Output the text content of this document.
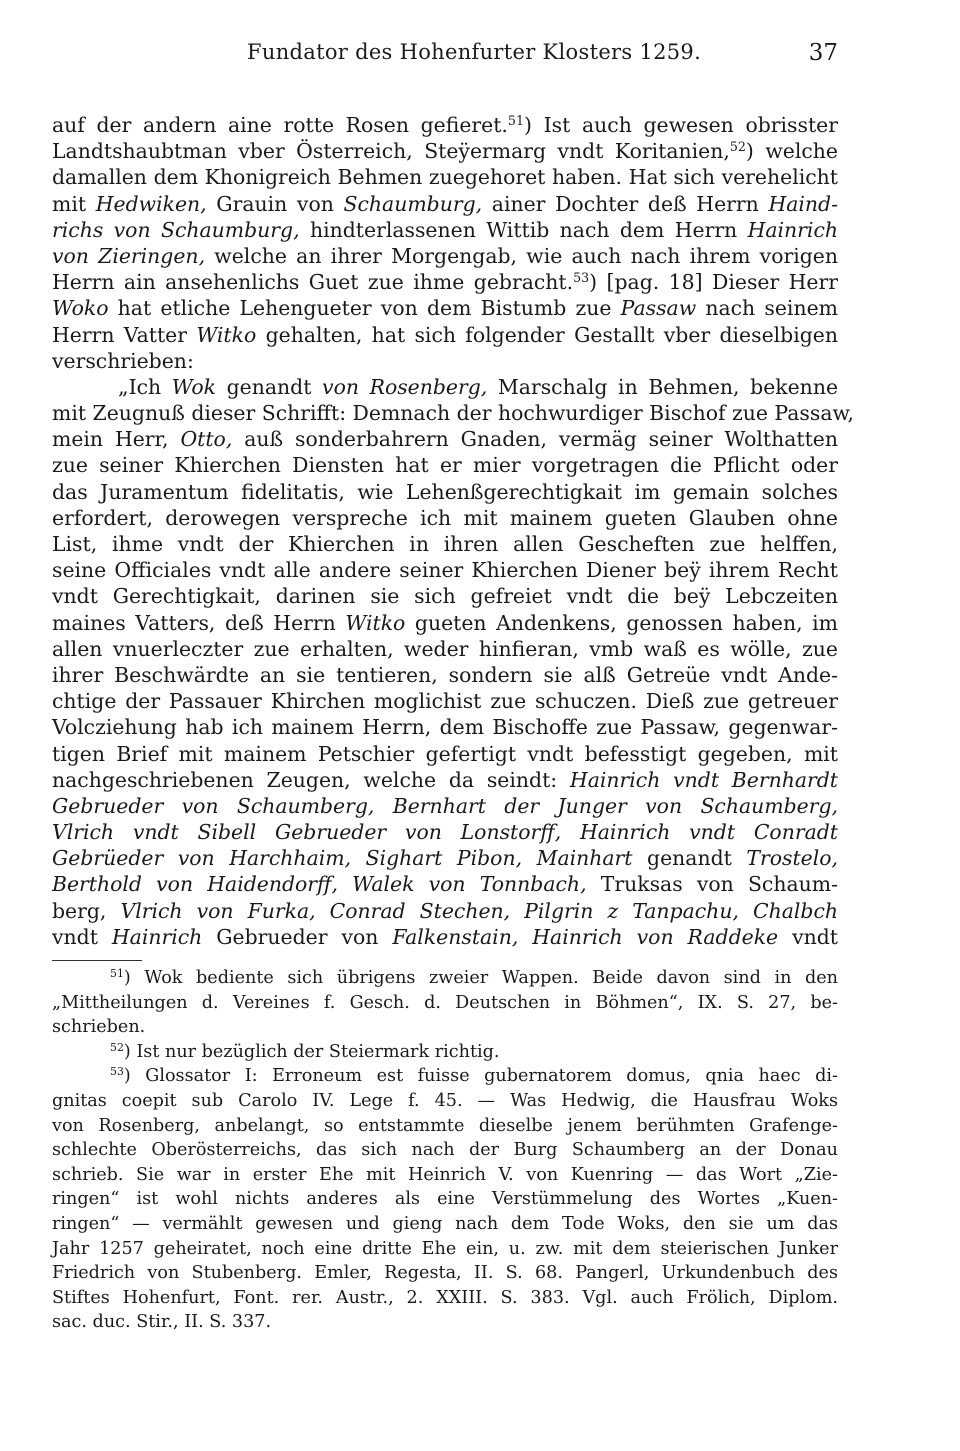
Fundator des Hohenfurter Klosters 1259.	37
auf der andern aine rotte Rosen gefieret.$^{51}$) Ist auch gewesen obrisster
Landtshaubtman vber Österreich, Steÿermarg vndt Koritanien,$^{52}$) welche
damallen dem Khonigreich Behmen zuegehoret haben. Hat sich verehelicht
mit Hedwiken, Grauin von Schaumburg, ainer Dochter deß Herrn Haind-
richs von Schaumburg, hindterlassenen Wittib nach dem Herrn Hainrich
von Zieringen, welche an ihrer Morgengab, wie auch nach ihrem vorigen
Herrn ain ansehenlichs Guet zue ihme gebracht.$^{53}$) [pag. 18] Dieser Herr
Woko hat etliche Lehengueter von dem Bistumb zue Passaw nach seinem
Herrn Vatter Witko gehalten, hat sich folgender Gestallt vber dieselbigen
verschrieben:
„Ich Wok genandt von Rosenberg, Marschalg in Behmen, bekenne
mit Zeugnuß dieser Schrifft: Demnach der hochwurdiger Bischof zue Passaw,
mein Herr, Otto, auß sonderbahrern Gnaden, vermäg seiner Wolthatten
zue seiner Khierchen Diensten hat er mier vorgetragen die Pflicht oder
das Juramentum fidelitatis, wie Lehenßgerechtigkait im gemain solches
erfordert, derowegen verspreche ich mit mainem gueten Glauben ohne
List, ihme vndt der Khierchen in ihren allen Gescheften zue helffen,
seine Officiales vndt alle andere seiner Khierchen Diener beÿ ihrem Recht
vndt Gerechtigkait, darinen sie sich gefreiet vndt die beÿ Lebczeiten
maines Vatters, deß Herrn Witko gueten Andenkens, genossen haben, im
allen vnuerleczter zue erhalten, weder hinfieran, vmb waß es wölle, zue
ihrer Beschwärdte an sie tentieren, sondern sie alß Getreüe vndt Ande-
chtige der Passauer Khirchen moglichist zue schuczen. Dieß zue getreuer
Volcziehung hab ich mainem Herrn, dem Bischoffe zue Passaw, gegenwar-
tigen Brief mit mainem Petschier gefertigt vndt befesstigt gegeben, mit
nachgeschriebenen Zeugen, welche da seindt: Hainrich vndt Bernhardt
Gebrueder von Schaumberg, Bernhart der Junger von Schaumberg,
Vlrich vndt Sibell Gebrueder von Lonstorff, Hainrich vndt Conradt
Gebrüeder von Harchhaim, Sighart Pibon, Mainhart genandt Trostelo,
Berthold von Haidendorff, Walek von Tonnbach, Truksas von Schaum-
berg, Vlrich von Furka, Conrad Stechen, Pilgrin z Tanpachu, Chalbch
vndt Hainrich Gebrueder von Falkenstain, Hainrich von Raddeke vndt
$^{51}$) Wok bediente sich übrigens zweier Wappen. Beide davon sind in den
„Mittheilungen d. Vereines f. Gesch. d. Deutschen in Böhmen“, IX. S. 27, be-
schrieben.
$^{52}$) Ist nur bezüglich der Steiermark richtig.
$^{53}$) Glossator I: Erroneum est fuisse gubernatorem domus, qnia haec di-
gnitas coepit sub Carolo IV. Lege f. 45. — Was Hedwig, die Hausfrau Woks
von Rosenberg, anbelangt, so entstammte dieselbe jenem berühmten Grafenge-
schlechte Oberösterreichs, das sich nach der Burg Schaumberg an der Donau
schrieb. Sie war in erster Ehe mit Heinrich V. von Kuenring — das Wort „Zie-
ringen“ ist wohl nichts anderes als eine Verstümmelung des Wortes „Kuen-
ringen“ — vermählt gewesen und gieng nach dem Tode Woks, den sie um das
Jahr 1257 geheiratet, noch eine dritte Ehe ein, u. zw. mit dem steierischen Junker
Friedrich von Stubenberg. Emler, Regesta, II. S. 68. Pangerl, Urkundenbuch des
Stiftes Hohenfurt, Font. rer. Austr., 2. XXIII. S. 383. Vgl. auch Frölich, Diplom.
sac. duc. Stir., II. S. 337.
